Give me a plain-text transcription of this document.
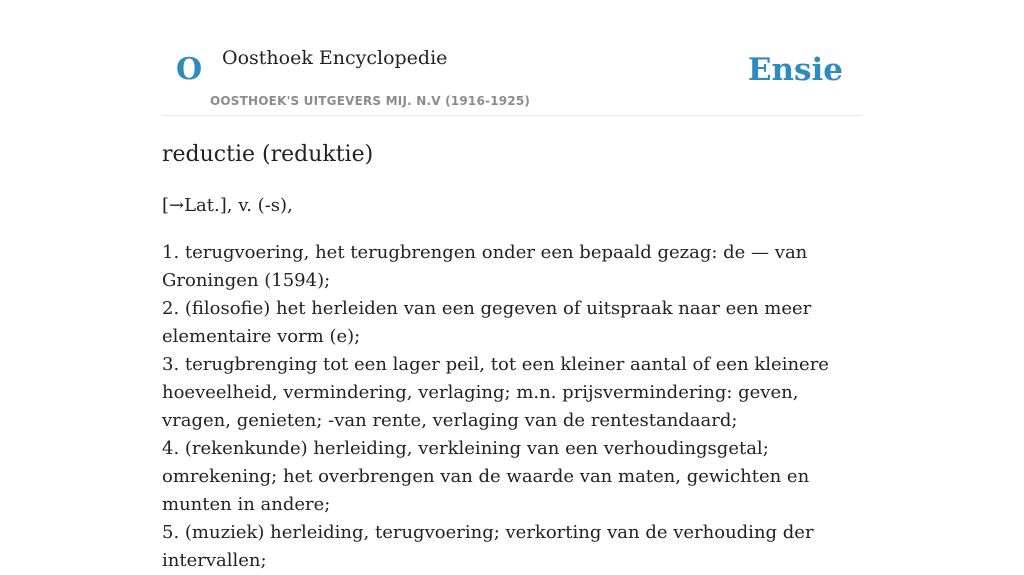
O Oosthoek Encyclopedie
OOSTHOEK'S UITGEVERS MIJ. N.V (1916-1925)
Ensie
reductie (reduktie)

[→Lat.], v. (-s),

1. terugvoering, het terugbrengen onder een bepaald gezag: de — van Groningen (1594);
2. (filosofie) het herleiden van een gegeven of uitspraak naar een meer elementaire vorm (e);
3. terugbrenging tot een lager peil, tot een kleiner aantal of een kleinere hoeveelheid, vermindering, verlaging; m.n. prijsvermindering: geven, vragen, genieten; -van rente, verlaging van de rentestandaard;
4. (rekenkunde) herleiding, verkleining van een verhoudingsgetal; omrekening; het overbrengen van de waarde van maten, gewichten en munten in andere;
5. (muziek) herleiding, terugvoering; verkorting van de verhouding der intervallen;
